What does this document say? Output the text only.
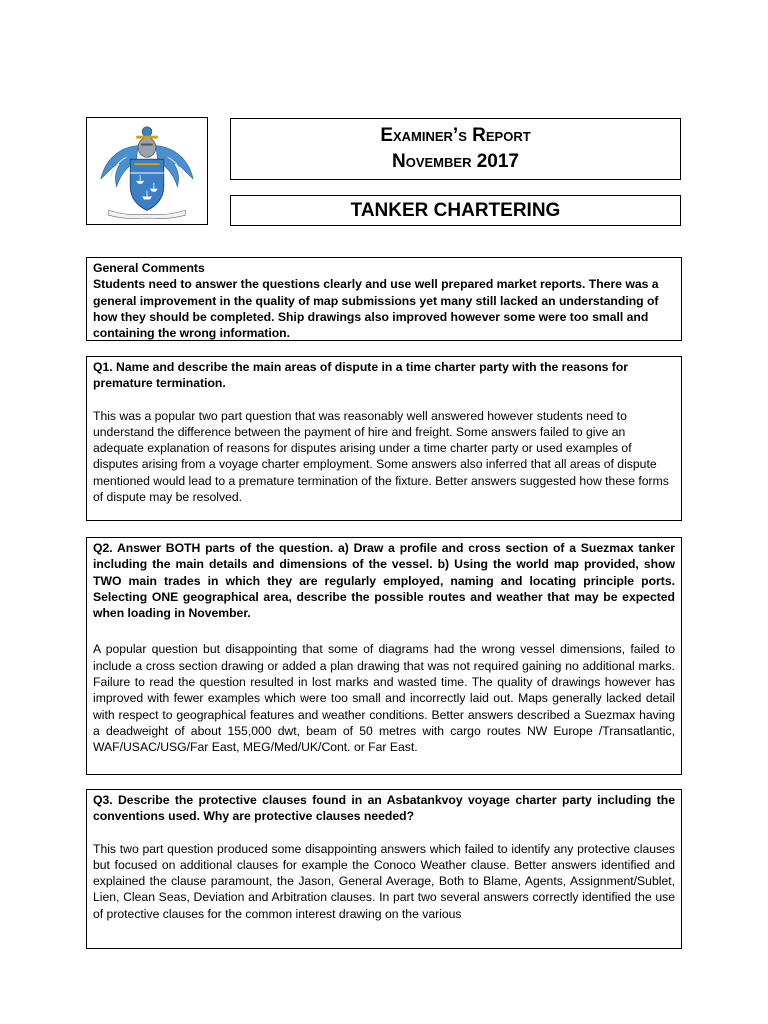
Examiner’s Report
November 2017
TANKER CHARTERING

General Comments

Students need to answer the questions clearly and use well prepared market reports. There was a general improvement in the quality of map submissions yet many still lacked an understanding of how they should be completed. Ship drawings also improved however some were too small and containing the wrong information.

Q1. Name and describe the main areas of dispute in a time charter party with the reasons for premature termination.

This was a popular two part question that was reasonably well answered however students need to understand the difference between the payment of hire and freight. Some answers failed to give an adequate explanation of reasons for disputes arising under a time charter party or used examples of disputes arising from a voyage charter employment. Some answers also inferred that all areas of dispute mentioned would lead to a premature termination of the fixture. Better answers suggested how these forms of dispute may be resolved.

Q2. Answer BOTH parts of the question. a) Draw a profile and cross section of a Suezmax tanker including the main details and dimensions of the vessel. b) Using the world map provided, show TWO main trades in which they are regularly employed, naming and locating principle ports. Selecting ONE geographical area, describe the possible routes and weather that may be expected when loading in November.

A popular question but disappointing that some of diagrams had the wrong vessel dimensions, failed to include a cross section drawing or added a plan drawing that was not required gaining no additional marks. Failure to read the question resulted in lost marks and wasted time. The quality of drawings however has improved with fewer examples which were too small and incorrectly laid out. Maps generally lacked detail with respect to geographical features and weather conditions. Better answers described a Suezmax having a deadweight of about 155,000 dwt, beam of 50 metres with cargo routes NW Europe /Transatlantic, WAF/USAC/USG/Far East, MEG/Med/UK/Cont. or Far East.

Q3. Describe the protective clauses found in an Asbatankvoy voyage charter party including the conventions used. Why are protective clauses needed?

This two part question produced some disappointing answers which failed to identify any protective clauses but focused on additional clauses for example the Conoco Weather clause. Better answers identified and explained the clause paramount, the Jason, General Average, Both to Blame, Agents, Assignment/Sublet, Lien, Clean Seas, Deviation and Arbitration clauses. In part two several answers correctly identified the use of protective clauses for the common interest drawing on the various
